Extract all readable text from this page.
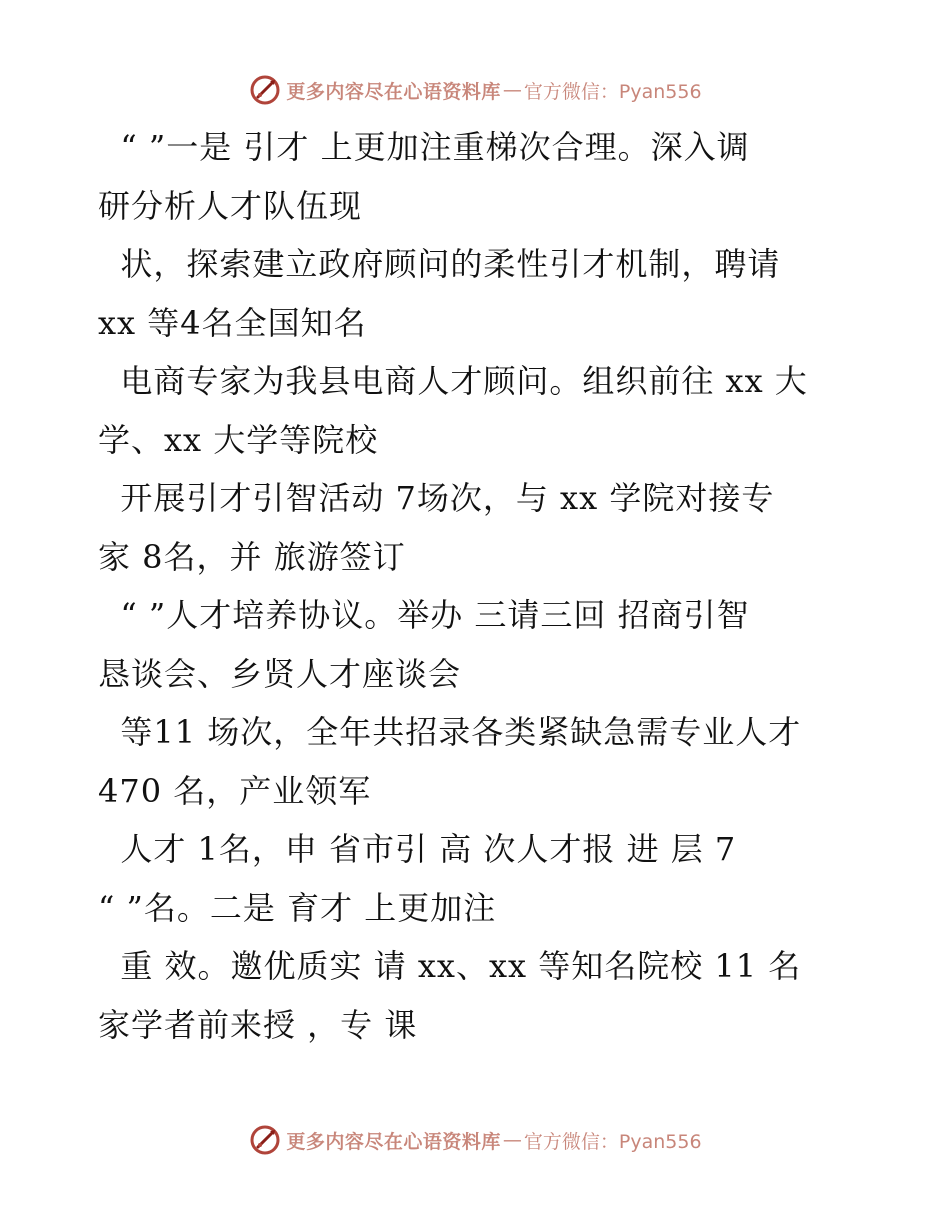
更多内容尽在心语资料库 — 官方微信：Pyan556
“ ”一是 引才 上更加注重梯次合理。深入调
研分析人才队伍现
状，探索建立政府顾问的柔性引才机制，聘请
xx 等4名全国知名
电商专家为我县电商人才顾问。组织前往 xx 大
学、xx 大学等院校
开展引才引智活动 7场次，与 xx 学院对接专
家 8名，并 旅游签订
“ ”人才培养协议。举办 三请三回 招商引智
恳谈会、乡贤人才座谈会
等11 场次，全年共招录各类紧缺急需专业人才
470 名，产业领军
人才 1名，申 省市引 高 次人才报 进 层 7
“ ”名。二是 育才 上更加注
重 效。邀优质实 请 xx、xx 等知名院校 11 名
家学者前来授 ，专 课
更多内容尽在心语资料库 — 官方微信：Pyan556
